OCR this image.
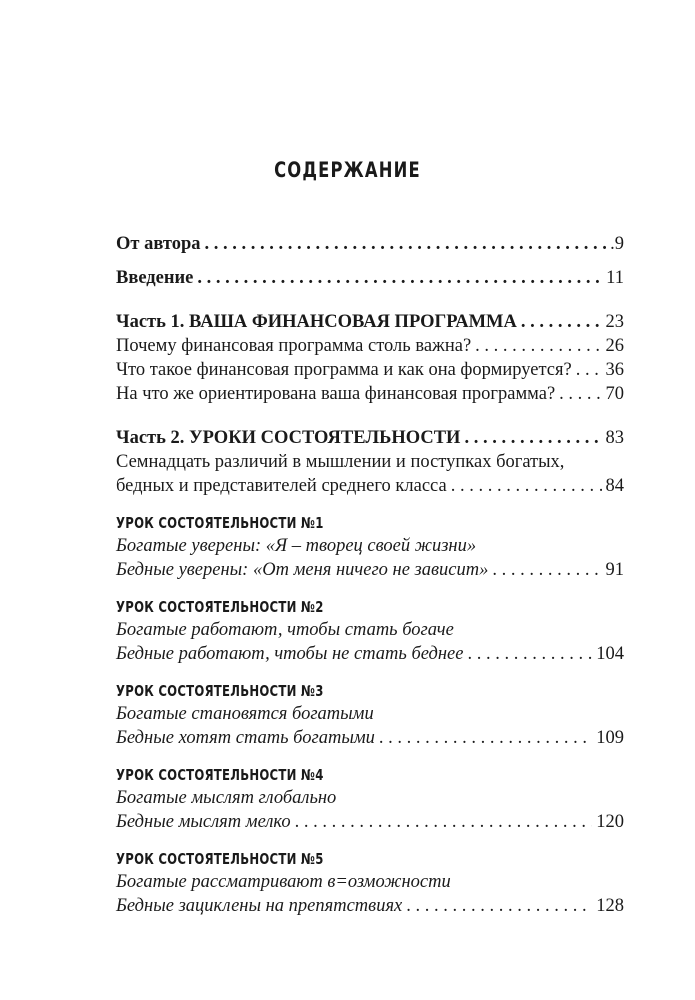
СОДЕРЖАНИЕ
От автора . . .	.9
Введение . . .	11
Часть 1. ВАША ФИНАНСОВАЯ ПРОГРАММА . . .	23
Почему финансовая программа столь важна? . . .	26
Что такое финансовая программа и как она формируется? . . . 36
На что же ориентирована ваша финансовая программа? . . .	70
Часть 2. УРОКИ СОСТОЯТЕЛЬНОСТИ . . .	83
Семнадцать различий в мышлении и поступках богатых,
бедных и представителей среднего класса . . .	84
УРОК СОСТОЯТЕЛЬНОСТИ №1
Богатые уверены: «Я – творец своей жизни»
Бедные уверены: «От меня ничего не зависит» . . .	91
УРОК СОСТОЯТЕЛЬНОСТИ №2
Богатые работают, чтобы стать богаче
Бедные работают, чтобы не стать беднее . . .	104
УРОК СОСТОЯТЕЛЬНОСТИ №3
Богатые становятся богатыми
Бедные хотят стать богатыми . . .	109
УРОК СОСТОЯТЕЛЬНОСТИ №4
Богатые мыслят глобально
Бедные мыслят мелко . . .	120
УРОК СОСТОЯТЕЛЬНОСТИ №5
Богатые рассматривают в=озможности
Бедные зациклены на препятствиях . . .	128
